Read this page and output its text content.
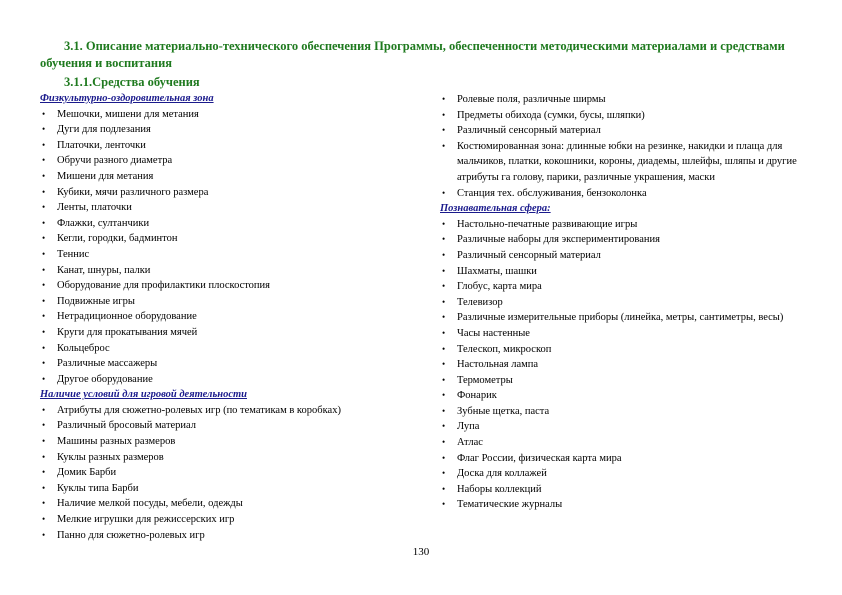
3.1. Описание материально-технического обеспечения Программы, обеспеченности методическими материалами и средствами обучения и воспитания
3.1.1.Средства обучения
Физкультурно-оздоровительная зона
• Мешочки, мишени для метания
• Дуги для подлезания
• Платочки, ленточки
• Обручи разного диаметра
• Мишени для метания
• Кубики, мячи различного размера
• Ленты, платочки
• Флажки, султанчики
• Кегли, городки, бадминтон
• Теннис
• Канат, шнуры, палки
• Оборудование для профилактики плоскостопия
• Подвижные игры
• Нетрадиционное оборудование
• Круги для прокатывания мячей
• Кольцеброс
• Различные массажеры
• Другое оборудование
Наличие условий для игровой деятельности
• Атрибуты для сюжетно-ролевых игр (по тематикам в коробках)
• Различный бросовый материал
• Машины разных размеров
• Куклы разных размеров
• Домик Барби
• Куклы типа Барби
• Наличие мелкой посуды, мебели, одежды
• Мелкие игрушки для режиссерских игр
• Панно для сюжетно-ролевых игр
• Ролевые поля, различные ширмы
• Предметы обихода (сумки, бусы, шляпки)
• Различный сенсорный материал
• Костюмированная зона: длинные юбки на резинке, накидки и плаща для мальчиков, платки, кокошники, короны, диадемы, шлейфы, шляпы и другие атрибуты га голову, парики, различные украшения, маски
• Станция тех. обслуживания, бензоколонка
Познавательная сфера:
• Настольно-печатные развивающие игры
• Различные наборы для экспериментирования
• Различный сенсорный материал
• Шахматы, шашки
• Глобус, карта мира
• Телевизор
• Различные измерительные приборы (линейка, метры, сантиметры, весы)
• Часы настенные
• Телескоп, микроскоп
• Настольная лампа
• Термометры
• Фонарик
• Зубные щетка, паста
• Лупа
• Атлас
• Флаг России, физическая карта мира
• Доска для коллажей
• Наборы коллекций
• Тематические журналы
130
